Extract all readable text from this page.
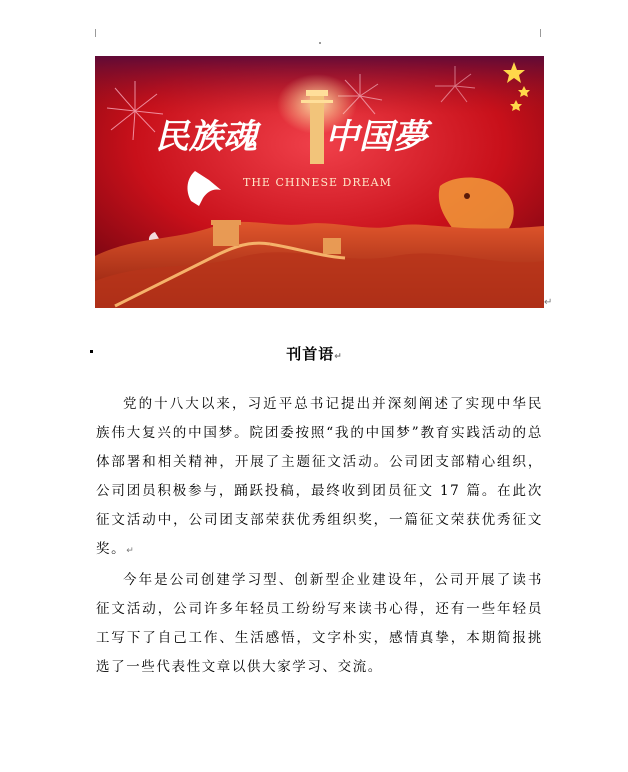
民族魂 中国夢
THE CHINESE DREAM
↵
刊首语↵

党的十八大以来，习近平总书记提出并深刻阐述了实现中华民族伟大复兴的中国梦。院团委按照“我的中国梦”教育实践活动的总体部署和相关精神，开展了主题征文活动。公司团支部精心组织，公司团员积极参与，踊跃投稿，最终收到团员征文 17 篇。在此次征文活动中，公司团支部荣获优秀组织奖，一篇征文荣获优秀征文奖。↵

今年是公司创建学习型、创新型企业建设年，公司开展了读书征文活动，公司许多年轻员工纷纷写来读书心得，还有一些年轻员工写下了自己工作、生活感悟，文字朴实，感情真挚，本期简报挑选了一些代表性文章以供大家学习、交流。
